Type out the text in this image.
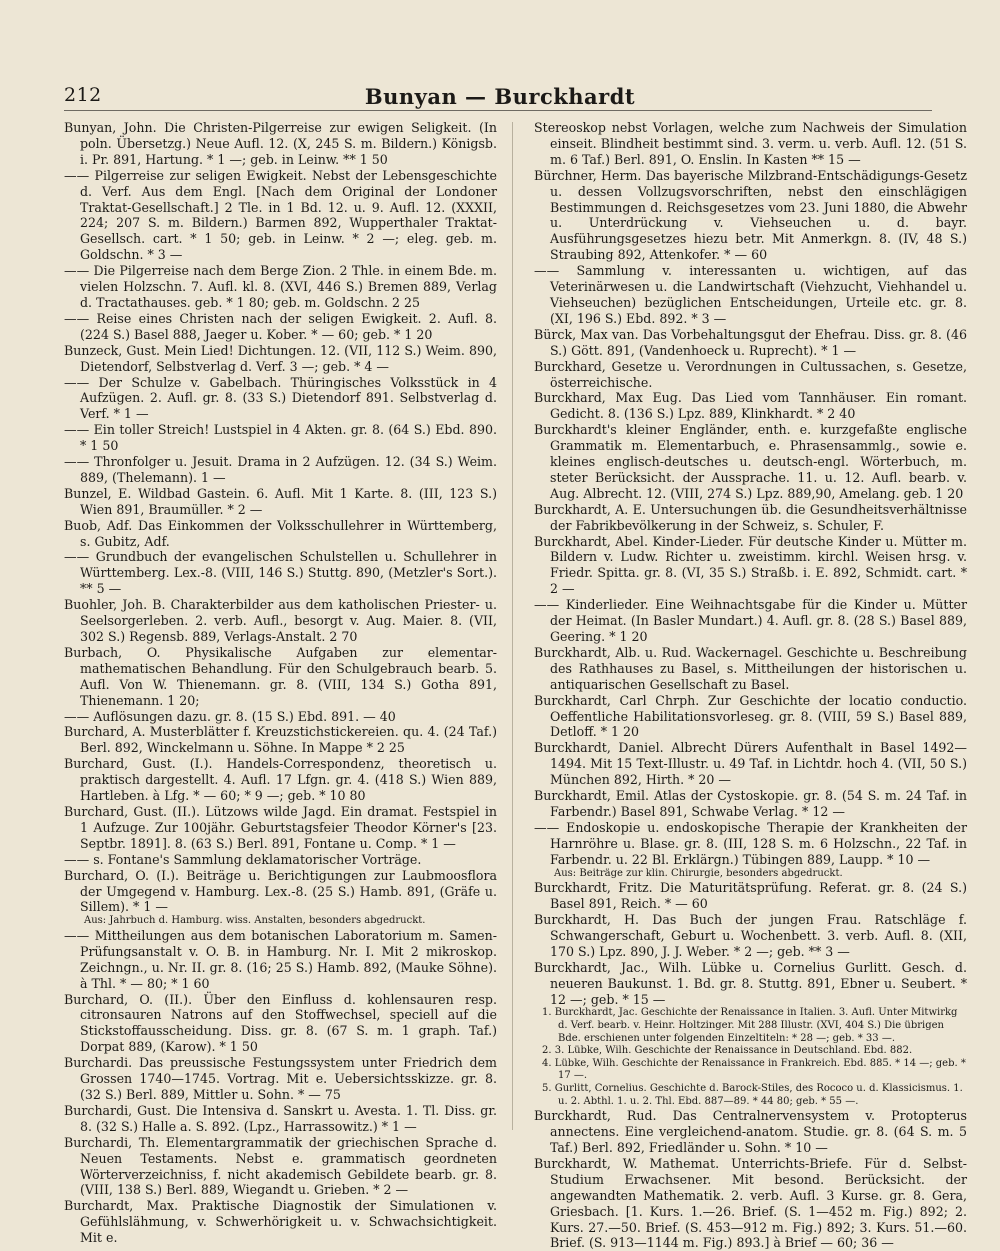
212	Bunyan — Burckhardt

Bunyan, John. Die Christen-Pilgerreise zur ewigen Seligkeit. (In poln. Übersetzg.) Neue Aufl. 12. (X, 245 S. m. Bildern.) Königsb. i. Pr. 891, Hartung. * 1 —; geb. in Leinw. ** 1 50

—— Pilgerreise zur seligen Ewigkeit. Nebst der Lebensgeschichte d. Verf. Aus dem Engl. [Nach dem Original der Londoner Traktat-Gesellschaft.] 2 Tle. in 1 Bd. 12. u. 9. Aufl. 12. (XXXII, 224; 207 S. m. Bildern.) Barmen 892, Wupperthaler Traktat-Gesellsch. cart. * 1 50; geb. in Leinw. * 2 —; eleg. geb. m. Goldschn. * 3 —

—— Die Pilgerreise nach dem Berge Zion. 2 Thle. in einem Bde. m. vielen Holzschn. 7. Aufl. kl. 8. (XVI, 446 S.) Bremen 889, Verlag d. Tractathauses. geb. * 1 80; geb. m. Goldschn. 2 25

—— Reise eines Christen nach der seligen Ewigkeit. 2. Aufl. 8. (224 S.) Basel 888, Jaeger u. Kober. * — 60; geb. * 1 20

Bunzeck, Gust. Mein Lied! Dichtungen. 12. (VII, 112 S.) Weim. 890, Dietendorf, Selbstverlag d. Verf. 3 —; geb. * 4 —

—— Der Schulze v. Gabelbach. Thüringisches Volksstück in 4 Aufzügen. 2. Aufl. gr. 8. (33 S.) Dietendorf 891. Selbstverlag d. Verf. * 1 —

—— Ein toller Streich! Lustspiel in 4 Akten. gr. 8. (64 S.) Ebd. 890. * 1 50

—— Thronfolger u. Jesuit. Drama in 2 Aufzügen. 12. (34 S.) Weim. 889, (Thelemann). 1 —

Bunzel, E. Wildbad Gastein. 6. Aufl. Mit 1 Karte. 8. (III, 123 S.) Wien 891, Braumüller. * 2 —

Buob, Adf. Das Einkommen der Volksschullehrer in Württemberg, s. Gubitz, Adf.

—— Grundbuch der evangelischen Schulstellen u. Schullehrer in Württemberg. Lex.-8. (VIII, 146 S.) Stuttg. 890, (Metzler's Sort.). ** 5 —

Buohler, Joh. B. Charakterbilder aus dem katholischen Priester- u. Seelsorgerleben. 2. verb. Aufl., besorgt v. Aug. Maier. 8. (VII, 302 S.) Regensb. 889, Verlags-Anstalt. 2 70

Burbach, O. Physikalische Aufgaben zur elementar-mathematischen Behandlung. Für den Schulgebrauch bearb. 5. Aufl. Von W. Thienemann. gr. 8. (VIII, 134 S.) Gotha 891, Thienemann. 1 20;

—— Auflösungen dazu. gr. 8. (15 S.) Ebd. 891. — 40

Burchard, A. Musterblätter f. Kreuzstichstickereien. qu. 4. (24 Taf.) Berl. 892, Winckelmann u. Söhne. In Mappe * 2 25

Burchard, Gust. (I.). Handels-Correspondenz, theoretisch u. praktisch dargestellt. 4. Aufl. 17 Lfgn. gr. 4. (418 S.) Wien 889, Hartleben. à Lfg. * — 60; * 9 —; geb. * 10 80

Burchard, Gust. (II.). Lützows wilde Jagd. Ein dramat. Festspiel in 1 Aufzuge. Zur 100jähr. Geburtstagsfeier Theodor Körner's [23. Septbr. 1891]. 8. (63 S.) Berl. 891, Fontane u. Comp. * 1 —

—— s. Fontane's Sammlung deklamatorischer Vorträge.

Burchard, O. (I.). Beiträge u. Berichtigungen zur Laubmoosflora der Umgegend v. Hamburg. Lex.-8. (25 S.) Hamb. 891, (Gräfe u. Sillem). * 1 —

Aus: Jahrbuch d. Hamburg. wiss. Anstalten, besonders abgedruckt.

—— Mittheilungen aus dem botanischen Laboratorium m. Samen-Prüfungsanstalt v. O. B. in Hamburg. Nr. I. Mit 2 mikroskop. Zeichngn., u. Nr. II. gr. 8. (16; 25 S.) Hamb. 892, (Mauke Söhne). à Thl. * — 80; * 1 60

Burchard, O. (II.). Über den Einfluss d. kohlensauren resp. citronsauren Natrons auf den Stoffwechsel, speciell auf die Stickstoffausscheidung. Diss. gr. 8. (67 S. m. 1 graph. Taf.) Dorpat 889, (Karow). * 1 50

Burchardi. Das preussische Festungssystem unter Friedrich dem Grossen 1740—1745. Vortrag. Mit e. Uebersichtsskizze. gr. 8. (32 S.) Berl. 889, Mittler u. Sohn. * — 75

Burchardi, Gust. Die Intensiva d. Sanskrt u. Avesta. 1. Tl. Diss. gr. 8. (32 S.) Halle a. S. 892. (Lpz., Harrassowitz.) * 1 —

Burchardi, Th. Elementargrammatik der griechischen Sprache d. Neuen Testaments. Nebst e. grammatisch geordneten Wörterverzeichniss, f. nicht akademisch Gebildete bearb. gr. 8. (VIII, 138 S.) Berl. 889, Wiegandt u. Grieben. * 2 —

Burchardt, Max. Praktische Diagnostik der Simulationen v. Gefühlslähmung, v. Schwerhörigkeit u. v. Schwachsichtigkeit. Mit e.

Stereoskop nebst Vorlagen, welche zum Nachweis der Simulation einseit. Blindheit bestimmt sind. 3. verm. u. verb. Aufl. 12. (51 S. m. 6 Taf.) Berl. 891, O. Enslin. In Kasten ** 15 —

Bürchner, Herm. Das bayerische Milzbrand-Entschädigungs-Gesetz u. dessen Vollzugsvorschriften, nebst den einschlägigen Bestimmungen d. Reichsgesetzes vom 23. Juni 1880, die Abwehr u. Unterdrückung v. Viehseuchen u. d. bayr. Ausführungsgesetzes hiezu betr. Mit Anmerkgn. 8. (IV, 48 S.) Straubing 892, Attenkofer. * — 60

—— Sammlung v. interessanten u. wichtigen, auf das Veterinärwesen u. die Landwirtschaft (Viehzucht, Viehhandel u. Viehseuchen) bezüglichen Entscheidungen, Urteile etc. gr. 8. (XI, 196 S.) Ebd. 892. * 3 —

Bürck, Max van. Das Vorbehaltungsgut der Ehefrau. Diss. gr. 8. (46 S.) Gött. 891, (Vandenhoeck u. Ruprecht). * 1 —

Burckhard, Gesetze u. Verordnungen in Cultussachen, s. Gesetze, österreichische.

Burckhard, Max Eug. Das Lied vom Tannhäuser. Ein romant. Gedicht. 8. (136 S.) Lpz. 889, Klinkhardt. * 2 40

Burckhardt's kleiner Engländer, enth. e. kurzgefaßte englische Grammatik m. Elementarbuch, e. Phrasensammlg., sowie e. kleines englisch-deutsches u. deutsch-engl. Wörterbuch, m. steter Berücksicht. der Aussprache. 11. u. 12. Aufl. bearb. v. Aug. Albrecht. 12. (VIII, 274 S.) Lpz. 889,90, Amelang. geb. 1 20

Burckhardt, A. E. Untersuchungen üb. die Gesundheitsverhältnisse der Fabrikbevölkerung in der Schweiz, s. Schuler, F.

Burckhardt, Abel. Kinder-Lieder. Für deutsche Kinder u. Mütter m. Bildern v. Ludw. Richter u. zweistimm. kirchl. Weisen hrsg. v. Friedr. Spitta. gr. 8. (VI, 35 S.) Straßb. i. E. 892, Schmidt. cart. * 2 —

—— Kinderlieder. Eine Weihnachtsgabe für die Kinder u. Mütter der Heimat. (In Basler Mundart.) 4. Aufl. gr. 8. (28 S.) Basel 889, Geering. * 1 20

Burckhardt, Alb. u. Rud. Wackernagel. Geschichte u. Beschreibung des Rathhauses zu Basel, s. Mittheilungen der historischen u. antiquarischen Gesellschaft zu Basel.

Burckhardt, Carl Chrph. Zur Geschichte der locatio conductio. Oeffentliche Habilitationsvorleseg. gr. 8. (VIII, 59 S.) Basel 889, Detloff. * 1 20

Burckhardt, Daniel. Albrecht Dürers Aufenthalt in Basel 1492—1494. Mit 15 Text-Illustr. u. 49 Taf. in Lichtdr. hoch 4. (VII, 50 S.) München 892, Hirth. * 20 —

Burckhardt, Emil. Atlas der Cystoskopie. gr. 8. (54 S. m. 24 Taf. in Farbendr.) Basel 891, Schwabe Verlag. * 12 —

—— Endoskopie u. endoskopische Therapie der Krankheiten der Harnröhre u. Blase. gr. 8. (III, 128 S. m. 6 Holzschn., 22 Taf. in Farbendr. u. 22 Bl. Erklärgn.) Tübingen 889, Laupp. * 10 —

Aus: Beiträge zur klin. Chirurgie, besonders abgedruckt.

Burckhardt, Fritz. Die Maturitätsprüfung. Referat. gr. 8. (24 S.) Basel 891, Reich. * — 60

Burckhardt, H. Das Buch der jungen Frau. Ratschläge f. Schwangerschaft, Geburt u. Wochenbett. 3. verb. Aufl. 8. (XII, 170 S.) Lpz. 890, J. J. Weber. * 2 —; geb. ** 3 —

Burckhardt, Jac., Wilh. Lübke u. Cornelius Gurlitt. Gesch. d. neueren Baukunst. 1. Bd. gr. 8. Stuttg. 891, Ebner u. Seubert. * 12 —; geb. * 15 —

1. Burckhardt, Jac. Geschichte der Renaissance in Italien. 3. Aufl. Unter Mitwirkg d. Verf. bearb. v. Heinr. Holtzinger. Mit 288 Illustr. (XVI, 404 S.) Die übrigen Bde. erschienen unter folgenden Einzeltiteln: * 28 —; geb. * 33 —.

2. 3. Lübke, Wilh. Geschichte der Renaissance in Deutschland. Ebd. 882.

4. Lübke, Wilh. Geschichte der Renaissance in Frankreich. Ebd. 885. * 14 —; geb. * 17 —.

5. Gurlitt, Cornelius. Geschichte d. Barock-Stiles, des Rococo u. d. Klassicismus. 1. u. 2. Abthl. 1. u. 2. Thl. Ebd. 887—89. * 44 80; geb. * 55 —.

Burckhardt, Rud. Das Centralnervensystem v. Protopterus annectens. Eine vergleichend-anatom. Studie. gr. 8. (64 S. m. 5 Taf.) Berl. 892, Friedländer u. Sohn. * 10 —

Burckhardt, W. Mathemat. Unterrichts-Briefe. Für d. Selbst-Studium Erwachsener. Mit besond. Berücksicht. der angewandten Mathematik. 2. verb. Aufl. 3 Kurse. gr. 8. Gera, Griesbach. [1. Kurs. 1.—26. Brief. (S. 1—452 m. Fig.) 892; 2. Kurs. 27.—50. Brief. (S. 453—912 m. Fig.) 892; 3. Kurs. 51.—60. Brief. (S. 913—1144 m. Fig.) 893.] à Brief — 60; 36 —
